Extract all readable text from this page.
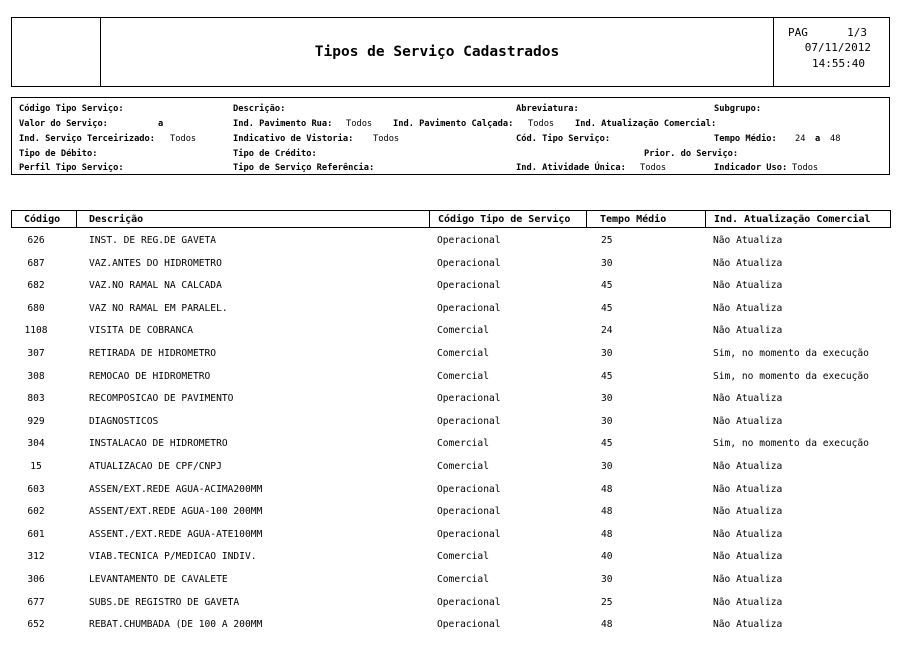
Tipos de Serviço Cadastrados
PAG	1/3
07/11/2012
14:55:40
Código Tipo Serviço:	Descrição:	Abreviatura:	Subgrupo:
Valor do Serviço:	a	Ind. Pavimento Rua: Todos Ind. Pavimento Calçada: Todos Ind. Atualização Comercial:
Ind. Serviço Terceirizado: Todos	Indicativo de Vistoria: Todos	Cód. Tipo Serviço:	Tempo Médio: 24 a 48
Tipo de Débito:	Tipo de Crédito:	Prior. do Serviço:
Perfil Tipo Serviço:	Tipo de Serviço Referência:	Ind. Atividade Única: Todos	Indicador Uso: Todos
Código	Descrição	Código Tipo de Serviço	Tempo Médio	Ind. Atualização Comercial
626	INST. DE REG.DE GAVETA	Operacional	25	Não Atualiza
687	VAZ.ANTES DO HIDROMETRO	Operacional	30	Não Atualiza
682	VAZ.NO RAMAL NA CALCADA	Operacional	45	Não Atualiza
680	VAZ NO RAMAL EM PARALEL.	Operacional	45	Não Atualiza
1108	VISITA DE COBRANCA	Comercial	24	Não Atualiza
307	RETIRADA DE HIDROMETRO	Comercial	30	Sim, no momento da execução
308	REMOCAO DE HIDROMETRO	Comercial	45	Sim, no momento da execução
803	RECOMPOSICAO DE PAVIMENTO	Operacional	30	Não Atualiza
929	DIAGNOSTICOS	Operacional	30	Não Atualiza
304	INSTALACAO DE HIDROMETRO	Comercial	45	Sim, no momento da execução
15	ATUALIZACAO DE CPF/CNPJ	Comercial	30	Não Atualiza
603	ASSEN/EXT.REDE AGUA-ACIMA200MM	Operacional	48	Não Atualiza
602	ASSENT/EXT.REDE AGUA-100 200MM	Operacional	48	Não Atualiza
601	ASSENT./EXT.REDE AGUA-ATE100MM	Operacional	48	Não Atualiza
312	VIAB.TECNICA P/MEDICAO INDIV.	Comercial	40	Não Atualiza
306	LEVANTAMENTO DE CAVALETE	Comercial	30	Não Atualiza
677	SUBS.DE REGISTRO DE GAVETA	Operacional	25	Não Atualiza
652	REBAT.CHUMBADA (DE 100 A 200MM	Operacional	48	Não Atualiza
